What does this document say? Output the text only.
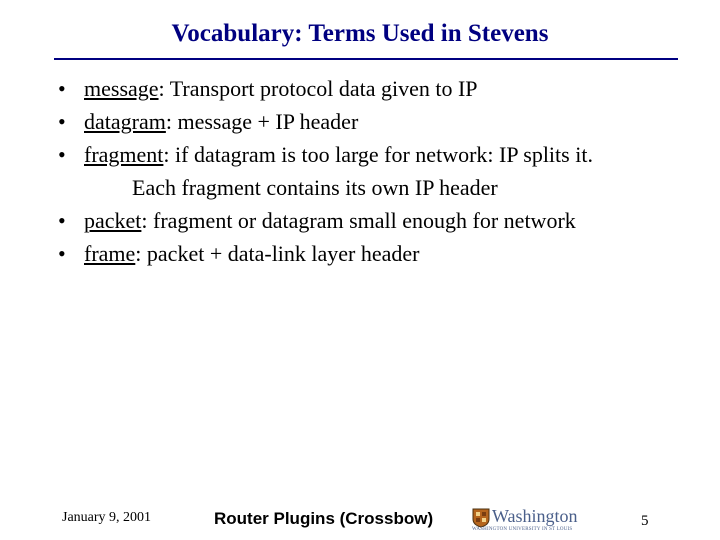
Vocabulary: Terms Used in Stevens
• message: Transport protocol data given to IP
• datagram: message + IP header
• fragment: if datagram is too large for network: IP splits it.
Each fragment contains its own IP header
• packet: fragment or datagram small enough for network
• frame: packet + data-link layer header
January 9, 2001	Router Plugins (Crossbow)	Washington
WASHINGTON UNIVERSITY IN ST LOUIS
5
